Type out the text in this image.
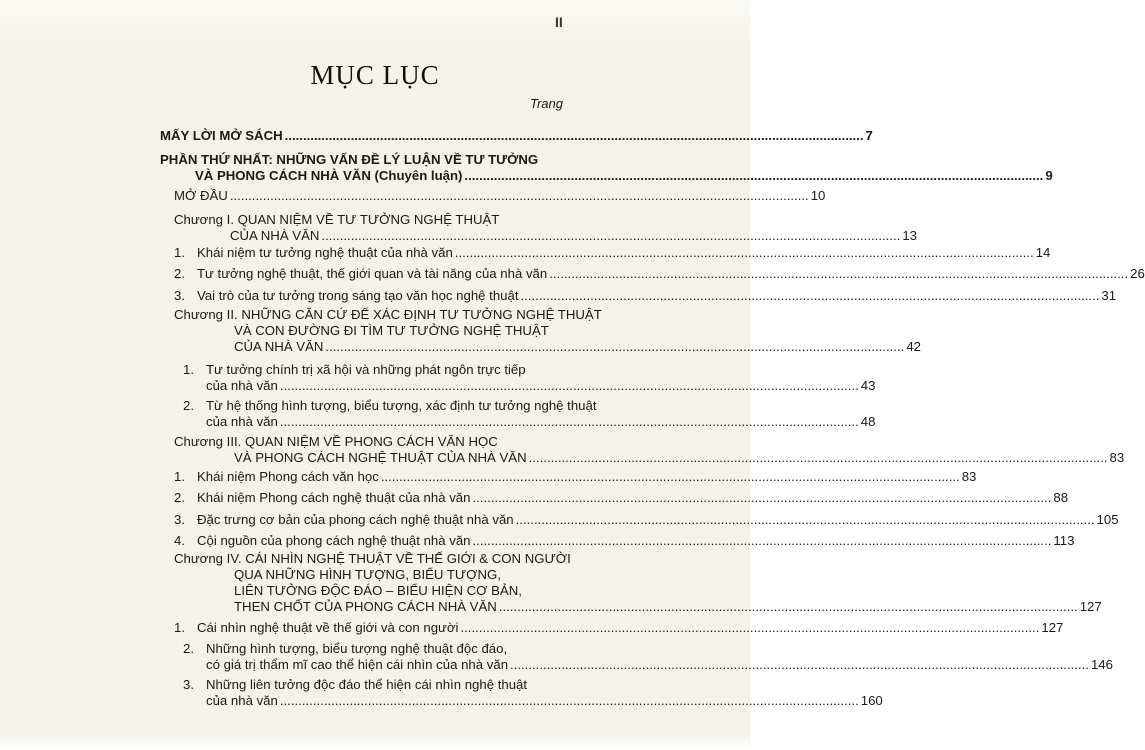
II
MỤC LỤC
Trang
MẤY LỜI MỞ SÁCH .............................................................................................................................................................. 7
PHẦN THỨ NHẤT: NHỮNG VẤN ĐỀ LÝ LUẬN VỀ TƯ TƯỞNG
VÀ PHONG CÁCH NHÀ VĂN (Chuyên luận) .............................................................................................................................................................. 9
MỞ ĐẦU .............................................................................................................................................................. 10
Chương I. QUAN NIỆM VỀ TƯ TƯỞNG NGHỆ THUẬT
CỦA NHÀ VĂN .............................................................................................................................................................. 13
1. Khái niệm tư tưởng nghệ thuật của nhà văn .............................................................................................................................................................. 14
2. Tư tưởng nghệ thuật, thế giới quan và tài năng của nhà văn .............................................................................................................................................................. 26
3. Vai trò của tư tưởng trong sáng tạo văn học nghệ thuật .............................................................................................................................................................. 31
Chương II. NHỮNG CĂN CỨ ĐỂ XÁC ĐỊNH TƯ TƯỞNG NGHỆ THUẬT
VÀ CON ĐƯỜNG ĐI TÌM TƯ TƯỞNG NGHỆ THUẬT
CỦA NHÀ VĂN .............................................................................................................................................................. 42
1. Tư tưởng chính trị xã hội và những phát ngôn trực tiếp
của nhà văn .............................................................................................................................................................. 43
2. Từ hệ thống hình tượng, biểu tượng, xác định tư tưởng nghệ thuật
của nhà văn .............................................................................................................................................................. 48
Chương III. QUAN NIỆM VỀ PHONG CÁCH VĂN HỌC
VÀ PHONG CÁCH NGHỆ THUẬT CỦA NHÀ VĂN .............................................................................................................................................................. 83
1. Khái niệm Phong cách văn học .............................................................................................................................................................. 83
2. Khái niệm Phong cách nghệ thuật của nhà văn .............................................................................................................................................................. 88
3. Đặc trưng cơ bản của phong cách nghệ thuật nhà văn .............................................................................................................................................................. 105
4. Cội nguồn của phong cách nghệ thuật nhà văn .............................................................................................................................................................. 113
Chương IV. CÁI NHÌN NGHỆ THUẬT VỀ THẾ GIỚI & CON NGƯỜI
QUA NHỮNG HÌNH TƯỢNG, BIỂU TƯỢNG,
LIÊN TƯỞNG ĐỘC ĐÁO – BIỂU HIỆN CƠ BẢN,
THEN CHỐT CỦA PHONG CÁCH NHÀ VĂN .............................................................................................................................................................. 127
1. Cái nhìn nghệ thuật về thế giới và con người .............................................................................................................................................................. 127
2. Những hình tượng, biểu tượng nghệ thuật độc đáo,
có giá trị thẩm mĩ cao thể hiện cái nhìn của nhà văn .............................................................................................................................................................. 146
3. Những liên tưởng độc đáo thể hiện cái nhìn nghệ thuật
của nhà văn .............................................................................................................................................................. 160
